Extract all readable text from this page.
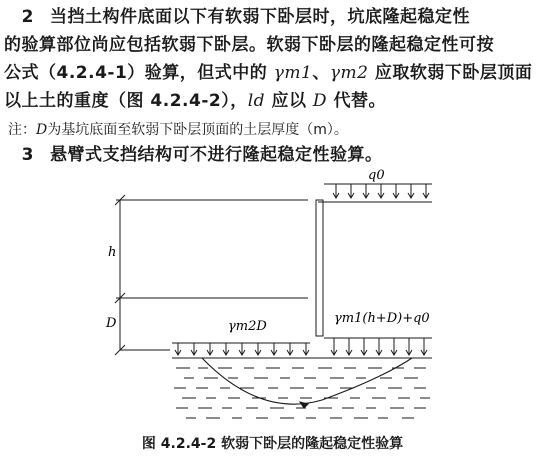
2 当挡土构件底面以下有软弱下卧层时，坑底隆起稳定性
的验算部位尚应包括软弱下卧层。软弱下卧层的隆起稳定性可按
公式（4.2.4-1）验算，但式中的 γm1、γm2 应取软弱下卧层顶面
以上土的重度（图 4.2.4-2），ld 应以 D 代替。
注：D为基坑底面至软弱下卧层顶面的土层厚度（m）。
3 悬臂式支挡结构可不进行隆起稳定性验算。
q0
h
D	γm2D
γm1(h+D)+q0
图 4.2.4-2 软弱下卧层的隆起稳定性验算
